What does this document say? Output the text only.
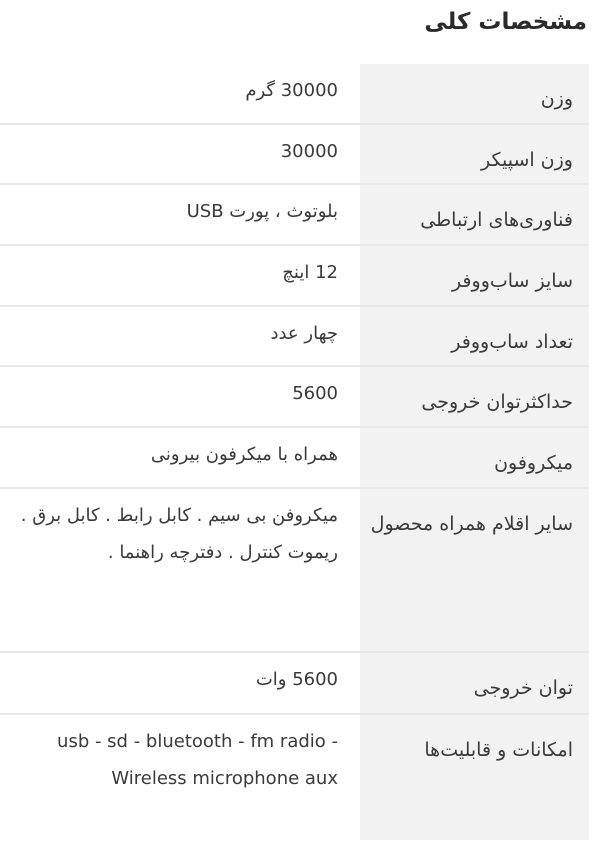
مشخصات کلی
وزن
30000 گرم
وزن اسپیکر
30000
فناوری‌های ارتباطی
بلوتوث ، پورت USB
سایز ساب‌ووفر
12 اینچ
تعداد ساب‌ووفر
چهار عدد
حداکثرتوان خروجی
5600
میکروفون
همراه با میکرفون بیرونی
سایر اقلام همراه محصول
میکروفن بی سیم . کابل رابط . کابل برق . ریموت کنترل . دفترچه راهنما .
توان خروجی
5600 وات
امکانات و قابلیت‌ها
usb - sd - bluetooth - fm radio - Wireless microphone aux
